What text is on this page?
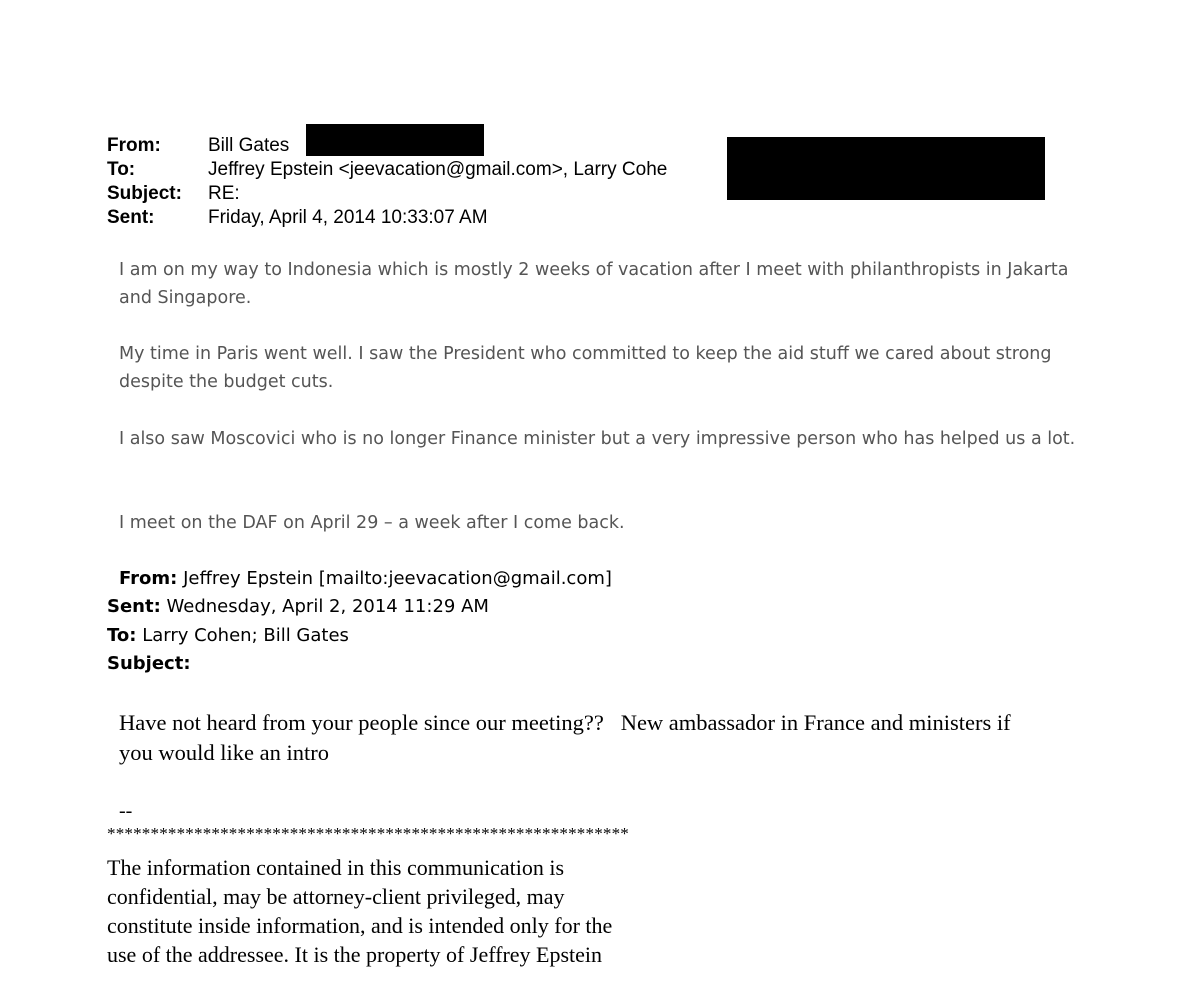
From: Bill Gates
To:	Jeffrey Epstein <jeevacation@gmail.com>, Larry Cohe
Subject: RE:
Sent:	Friday, April 4, 2014 10:33:07 AM

I am on my way to Indonesia which is mostly 2 weeks of vacation after I meet with philanthropists in Jakarta and Singapore.

My time in Paris went well. I saw the President who committed to keep the aid stuff we cared about strong despite the budget cuts.

I also saw Moscovici who is no longer Finance minister but a very impressive person who has helped us a lot.

I meet on the DAF on April 29 – a week after I come back.

From: Jeffrey Epstein [mailto:jeevacation@gmail.com]
Sent: Wednesday, April 2, 2014 11:29 AM
To: Larry Cohen; Bill Gates
Subject:

Have not heard from your people since our meeting??   New ambassador in France and ministers if you would like an intro

--

************************************************************

The information contained in this communication is confidential, may be attorney-client privileged, may constitute inside information, and is intended only for the use of the addressee. It is the property of Jeffrey Epstein
